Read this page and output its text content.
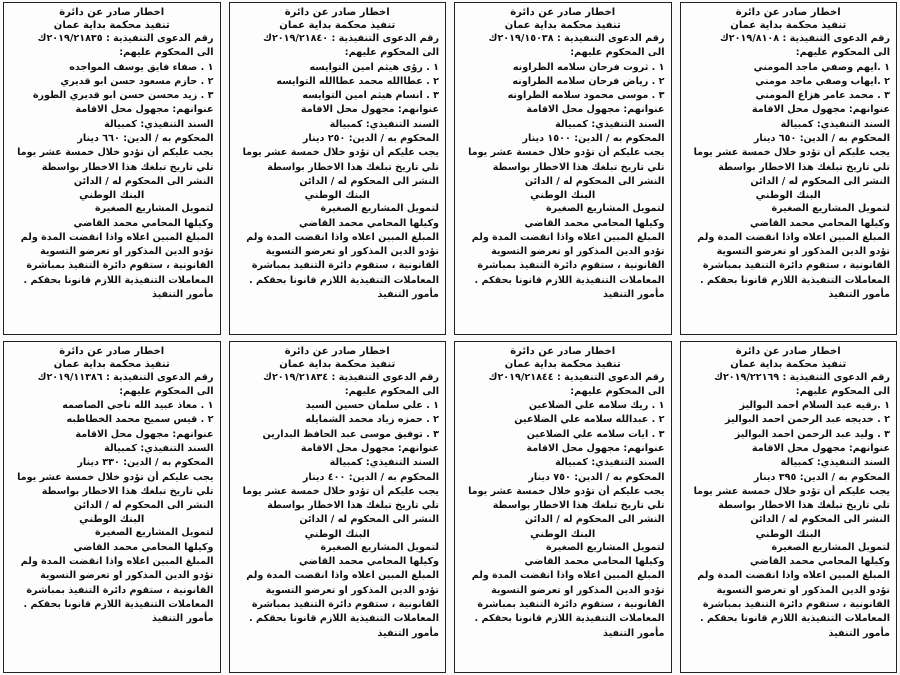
اخطار صادر عن دائرة
تنفيذ محكمة بداية عمان
رقم الدعوى التنفيذية : ٢٠١٩/٢١٨٣٥ك
الى المحكوم عليهم:
١ . صفاء فايق يوسف المواجده
٢ . حازم مسعود حسن ابو قديري
٣ . زيد محسن حسن ابو قديري الطورة
عنوانهم: مجهول محل الاقامة
السند التنفيذي: كمبيالة
المحكوم به / الدين: ٦٦٠ دينار
يجب عليكم أن تؤدو خلال خمسة عشر يوما
تلي تاريخ تبلغك هذا الاخطار بواسطة
النشر الى المحكوم له / الدائن
البنك الوطني
لتمويل المشاريع الصغيرة
وكيلها المحامي محمد القاضي
المبلغ المبين اعلاه واذا انقضت المدة ولم
تؤدو الدين المذكور او تعرضو التسوية
القانونية ، ستقوم دائرة التنفيذ بمباشرة
المعاملات التنفيذية اللازم قانونا بحقكم .
مأمور التنفيذ
اخطار صادر عن دائرة
تنفيذ محكمة بداية عمان
رقم الدعوى التنفيذية : ٢٠١٩/٢١٨٤٠ك
الى المحكوم عليهم:
١ . رؤى هيثم امين التوايسه
٢ . عطاالله محمد عطاالله التوايسه
٣ . انسام هيثم امين التوايسه
عنوانهم: مجهول محل الاقامة
السند التنفيذي: كمبيالة
المحكوم به / الدين: ٢٥٠ دينار
يجب عليكم أن تؤدو خلال خمسة عشر يوما
تلي تاريخ تبلغك هذا الاخطار بواسطة
النشر الى المحكوم له / الدائن
البنك الوطني
لتمويل المشاريع الصغيرة
وكيلها المحامي محمد القاضي
المبلغ المبين اعلاه واذا انقضت المدة ولم
تؤدو الدين المذكور او تعرضو التسوية
القانونية ، ستقوم دائرة التنفيذ بمباشرة
المعاملات التنفيذية اللازم قانونا بحقكم .
مأمور التنفيذ
اخطار صادر عن دائرة
تنفيذ محكمة بداية عمان
رقم الدعوى التنفيذية : ٢٠١٩/١٥٠٣٨ك
الى المحكوم عليهم:
١ . ثروت فرحان سلامه الطراونه
٢ . رياض فرحان سلامه الطراونه
٣ . موسى محمود سلامه الطراونه
عنوانهم: مجهول محل الاقامة
السند التنفيذي: كمبيالة
المحكوم به / الدين: ١٥٠٠ دينار
يجب عليكم أن تؤدو خلال خمسة عشر يوما
تلي تاريخ تبلغك هذا الاخطار بواسطة
النشر الى المحكوم له / الدائن
البنك الوطني
لتمويل المشاريع الصغيرة
وكيلها المحامي محمد القاضي
المبلغ المبين اعلاه واذا انقضت المدة ولم
تؤدو الدين المذكور او تعرضو التسوية
القانونية ، ستقوم دائرة التنفيذ بمباشرة
المعاملات التنفيذية اللازم قانونا بحقكم .
مأمور التنفيذ
اخطار صادر عن دائرة
تنفيذ محكمة بداية عمان
رقم الدعوى التنفيذية : ٢٠١٩/٨١٠٨ك
الى المحكوم عليهم:
١ .ايهم وصفي ماجد المومني
٢ .ايهاب وصفي ماجد مومني
٣ . محمد عامر هزاع المومني
عنوانهم: مجهول محل الاقامة
السند التنفيذي: كمبيالة
المحكوم به / الدين: ٦٥٠ دينار
يجب عليكم أن تؤدو خلال خمسة عشر يوما
تلي تاريخ تبلغك هذا الاخطار بواسطة
النشر الى المحكوم له / الدائن
البنك الوطني
لتمويل المشاريع الصغيرة
وكيلها المحامي محمد القاضي
المبلغ المبين اعلاه واذا انقضت المدة ولم
تؤدو الدين المذكور او تعرضو التسوية
القانونية ، ستقوم دائرة التنفيذ بمباشرة
المعاملات التنفيذية اللازم قانونا بحقكم .
مأمور التنفيذ
اخطار صادر عن دائرة
تنفيذ محكمة بداية عمان
رقم الدعوى التنفيذية : ٢٠١٩/١١٣٨٦ك
الى المحكوم عليهم:
١ . معاذ عبيد الله ناجي الصاصمه
٢ . قيس سميح محمد الخطاطبه
عنوانهم: مجهول محل الاقامة
السند التنفيذي: كمبيالة
المحكوم به / الدين: ٣٣٠ دينار
يجب عليكم أن تؤدو خلال خمسة عشر يوما
تلي تاريخ تبلغك هذا الاخطار بواسطة
النشر الى المحكوم له / الدائن
البنك الوطني
لتمويل المشاريع الصغيرة
وكيلها المحامي محمد القاضي
المبلغ المبين اعلاه واذا انقضت المدة ولم
تؤدو الدين المذكور او تعرضو التسوية
القانونية ، ستقوم دائرة التنفيذ بمباشرة
المعاملات التنفيذية اللازم قانونا بحقكم .
مأمور التنفيذ
اخطار صادر عن دائرة
تنفيذ محكمة بداية عمان
رقم الدعوى التنفيذية : ٢٠١٩/٢١٨٣٤ك
الى المحكوم عليهم:
١ . علي سلمان حسين السيد
٢ . حمزه زياد محمد الشمايله
٣ . توفيق موسى عبد الحافظ البدارين
عنوانهم: مجهول محل الاقامة
السند التنفيذي: كمبيالة
المحكوم به / الدين: ٤٠٠ دينار
يجب عليكم أن تؤدو خلال خمسة عشر يوما
تلي تاريخ تبلغك هذا الاخطار بواسطة
النشر الى المحكوم له / الدائن
البنك الوطني
لتمويل المشاريع الصغيرة
وكيلها المحامي محمد القاضي
المبلغ المبين اعلاه واذا انقضت المدة ولم
تؤدو الدين المذكور او تعرضو التسوية
القانونية ، ستقوم دائرة التنفيذ بمباشرة
المعاملات التنفيذية اللازم قانونا بحقكم .
مأمور التنفيذ
اخطار صادر عن دائرة
تنفيذ محكمة بداية عمان
رقم الدعوى التنفيذية : ٢٠١٩/٢١٨٤٤ك
الى المحكوم عليهم:
١ . ريك سلامه علي الضلاعين
٢ . عبدالله سلامه علي الضلاعين
٣ . ايات سلامه علي الضلاعين
عنوانهم: مجهول محل الاقامة
السند التنفيذي: كمبيالة
المحكوم به / الدين: ٧٥٠ دينار
يجب عليكم أن تؤدو خلال خمسة عشر يوما
تلي تاريخ تبلغك هذا الاخطار بواسطة
النشر الى المحكوم له / الدائن
البنك الوطني
لتمويل المشاريع الصغيرة
وكيلها المحامي محمد القاضي
المبلغ المبين اعلاه واذا انقضت المدة ولم
تؤدو الدين المذكور او تعرضو التسوية
القانونية ، ستقوم دائرة التنفيذ بمباشرة
المعاملات التنفيذية اللازم قانونا بحقكم .
مأمور التنفيذ
اخطار صادر عن دائرة
تنفيذ محكمة بداية عمان
رقم الدعوى التنفيذية : ٢٠١٩/٢٢١٦٩ك
الى المحكوم عليهم:
١ .رقيه عبد السلام احمد البواليز
٢ . خديجه عبد الرحمن احمد البواليز
٣ . وليد عبد الرحمن احمد البواليز
عنوانهم: مجهول محل الاقامة
السند التنفيذي: كمبيالة
المحكوم به / الدين: ٣٩٥ دينار
يجب عليكم أن تؤدو خلال خمسة عشر يوما
تلي تاريخ تبلغك هذا الاخطار بواسطة
النشر الى المحكوم له / الدائن
البنك الوطني
لتمويل المشاريع الصغيرة
وكيلها المحامي محمد القاضي
المبلغ المبين اعلاه واذا انقضت المدة ولم
تؤدو الدين المذكور او تعرضو التسوية
القانونية ، ستقوم دائرة التنفيذ بمباشرة
المعاملات التنفيذية اللازم قانونا بحقكم .
مأمور التنفيذ
